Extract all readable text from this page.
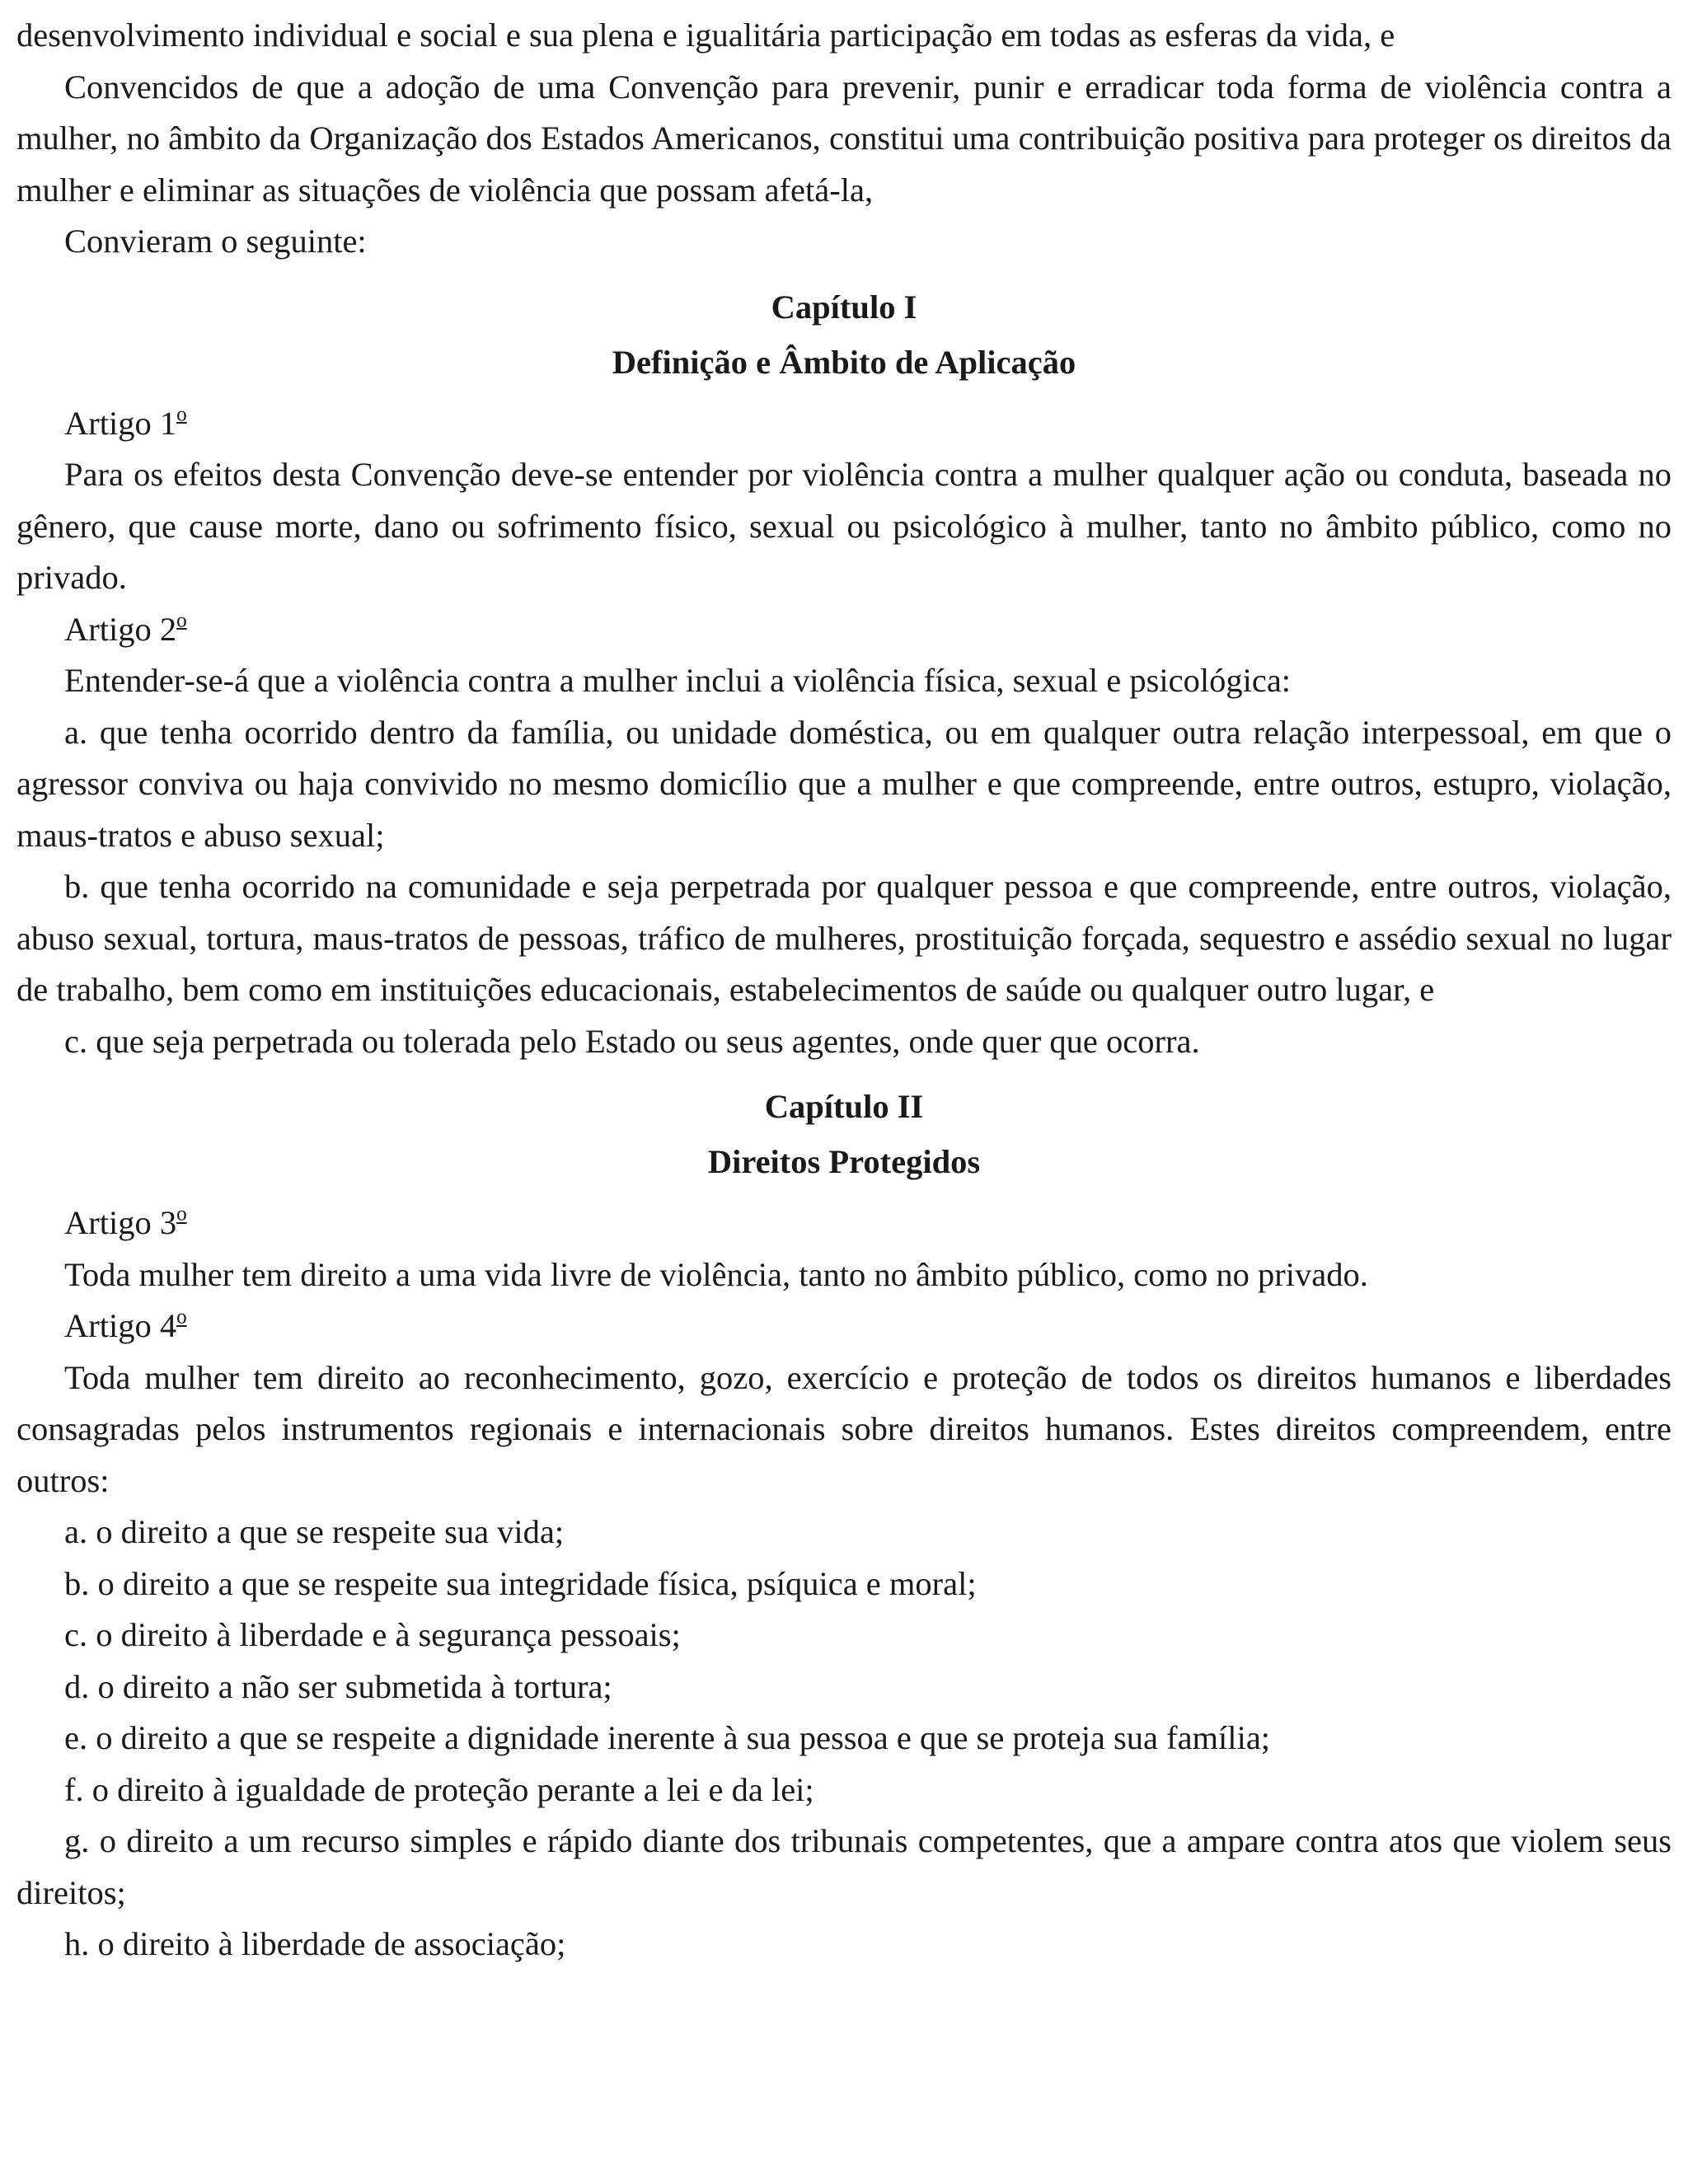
desenvolvimento individual e social e sua plena e igualitária participação em todas as esferas da vida, e

Convencidos de que a adoção de uma Convenção para prevenir, punir e erradicar toda forma de violência contra a mulher, no âmbito da Organização dos Estados Americanos, constitui uma contribuição positiva para proteger os direitos da mulher e eliminar as situações de violência que possam afetá-la,

Convieram o seguinte:

Capítulo I

Definição e Âmbito de Aplicação

Artigo 1$^o$

Para os efeitos desta Convenção deve-se entender por violência contra a mulher qualquer ação ou conduta, baseada no gênero, que cause morte, dano ou sofrimento físico, sexual ou psicológico à mulher, tanto no âmbito público, como no privado.

Artigo 2$^o$

Entender-se-á que a violência contra a mulher inclui a violência física, sexual e psicológica:

a. que tenha ocorrido dentro da família, ou unidade doméstica, ou em qualquer outra relação interpessoal, em que o agressor conviva ou haja convivido no mesmo domicílio que a mulher e que compreende, entre outros, estupro, violação, maus-tratos e abuso sexual;

b. que tenha ocorrido na comunidade e seja perpetrada por qualquer pessoa e que compreende, entre outros, violação, abuso sexual, tortura, maus-tratos de pessoas, tráfico de mulheres, prostituição forçada, sequestro e assédio sexual no lugar de trabalho, bem como em instituições educacionais, estabelecimentos de saúde ou qualquer outro lugar, e

c. que seja perpetrada ou tolerada pelo Estado ou seus agentes, onde quer que ocorra.

Capítulo II

Direitos Protegidos

Artigo 3$^o$

Toda mulher tem direito a uma vida livre de violência, tanto no âmbito público, como no privado.

Artigo 4$^o$

Toda mulher tem direito ao reconhecimento, gozo, exercício e proteção de todos os direitos humanos e liberdades consagradas pelos instrumentos regionais e internacionais sobre direitos humanos. Estes direitos compreendem, entre outros:

a. o direito a que se respeite sua vida;

b. o direito a que se respeite sua integridade física, psíquica e moral;

c. o direito à liberdade e à segurança pessoais;

d. o direito a não ser submetida à tortura;

e. o direito a que se respeite a dignidade inerente à sua pessoa e que se proteja sua família;

f. o direito à igualdade de proteção perante a lei e da lei;

g. o direito a um recurso simples e rápido diante dos tribunais competentes, que a ampare contra atos que violem seus direitos;

h. o direito à liberdade de associação;
